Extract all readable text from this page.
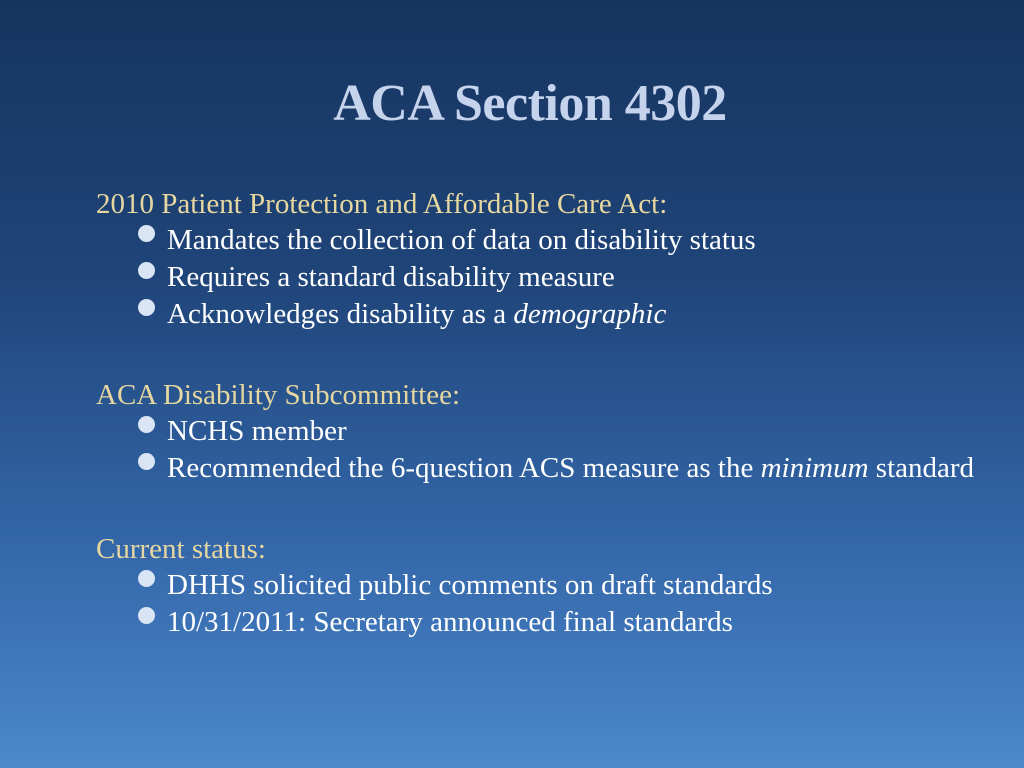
ACA Section 4302
2010 Patient Protection and Affordable Care Act:
Mandates the collection of data on disability status
Requires a standard disability measure
Acknowledges disability as a demographic
ACA Disability Subcommittee:
NCHS member
Recommended the 6-question ACS measure as the minimum standard
Current status:
DHHS solicited public comments on draft standards
10/31/2011: Secretary announced final standards
